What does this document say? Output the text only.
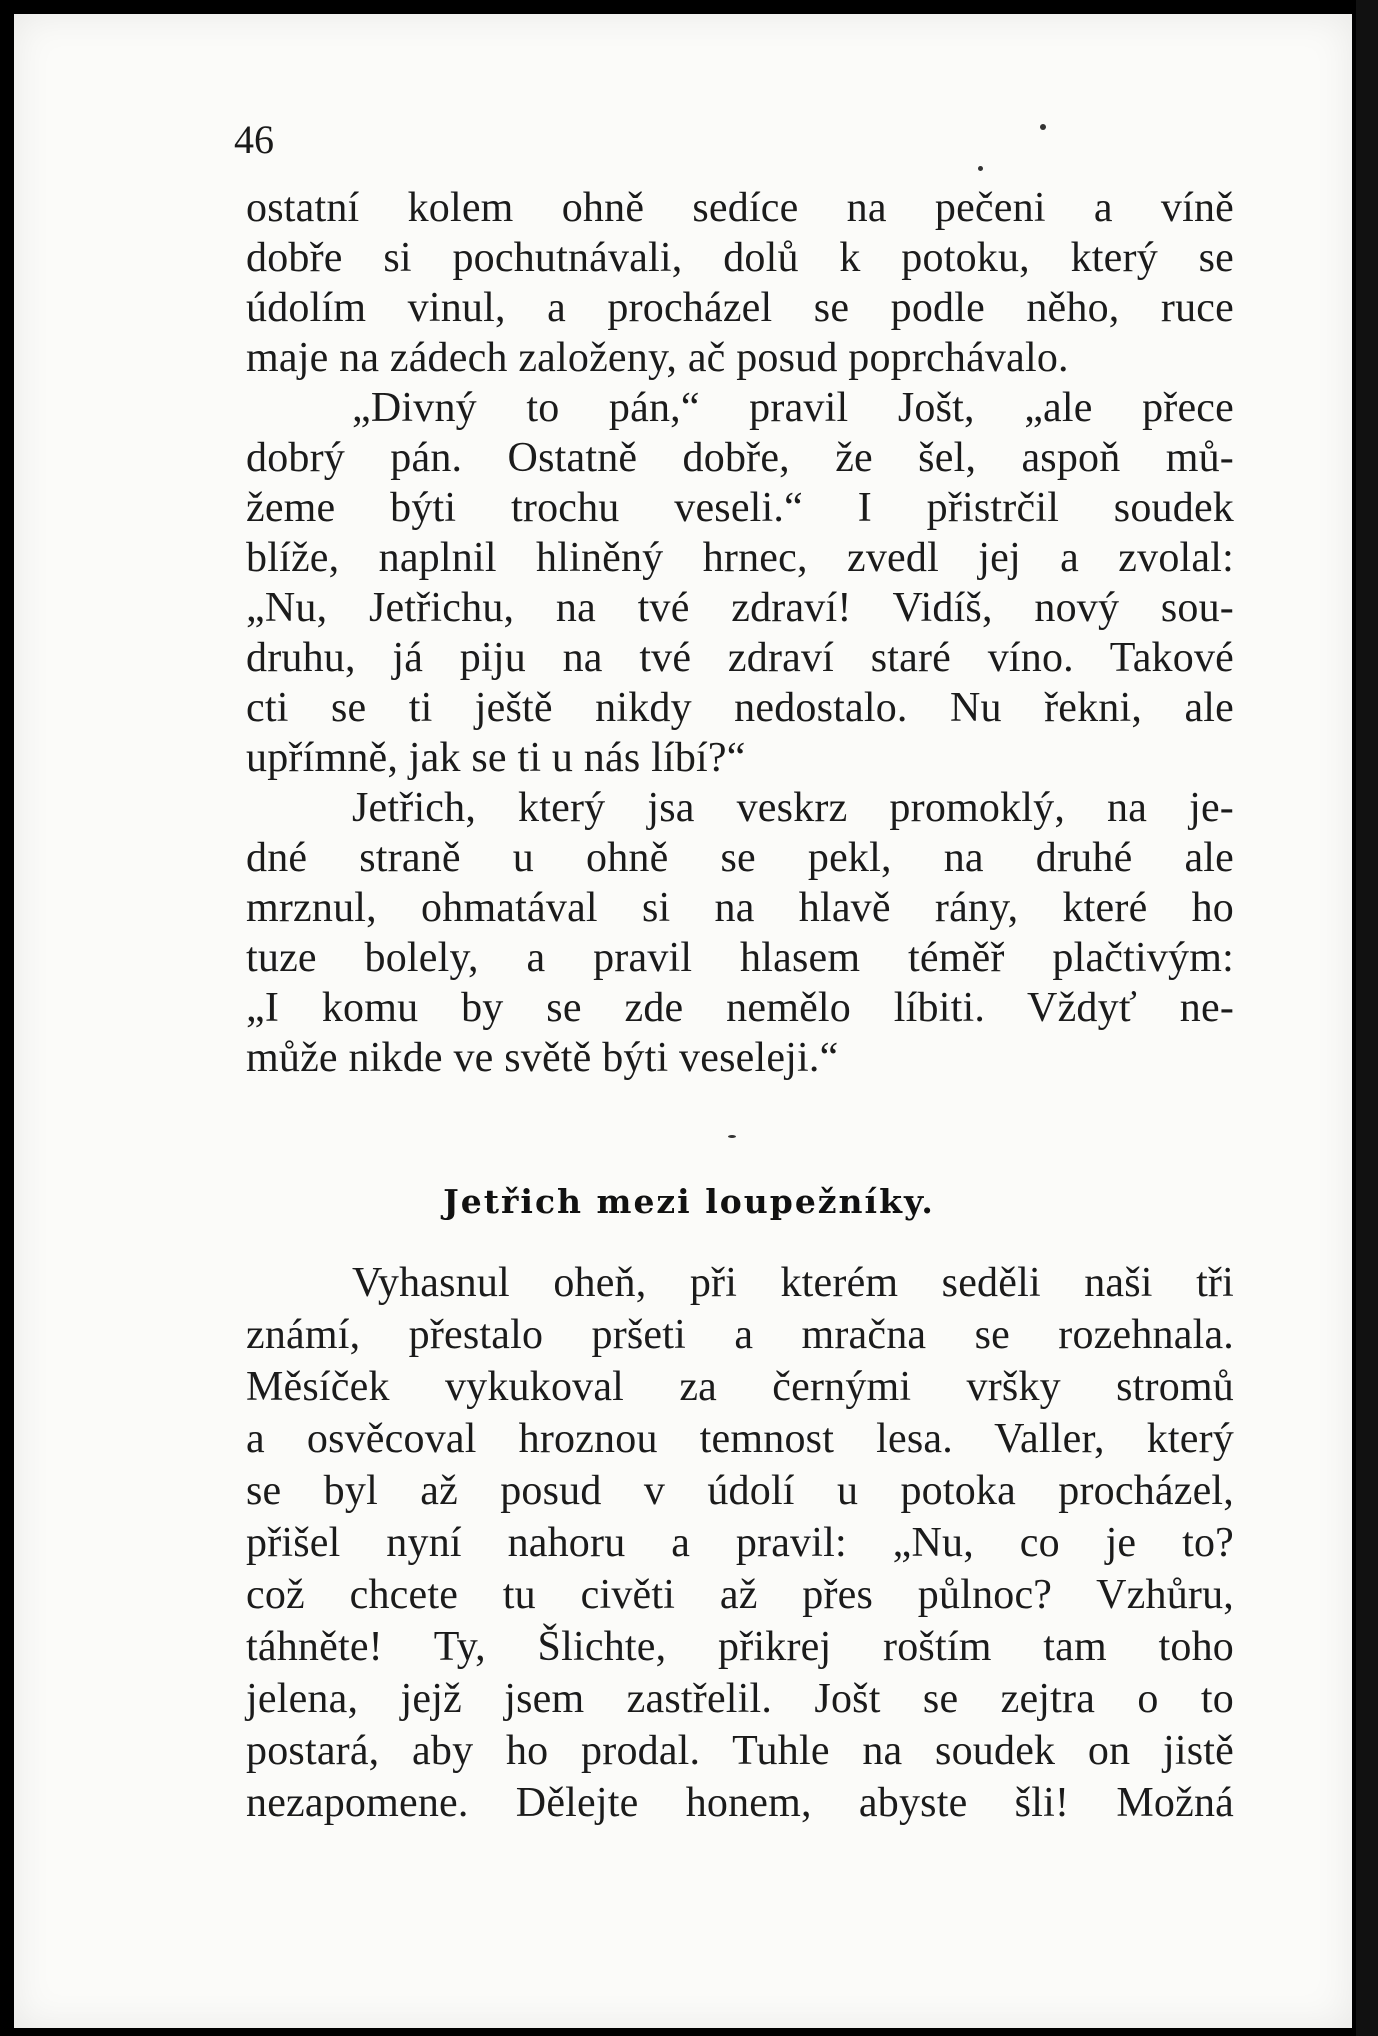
46
ostatní kolem ohně sedíce na pečeni a víně
dobře si pochutnávali, dolů k potoku, který se
údolím vinul, a procházel se podle něho, ruce
maje na zádech založeny, ač posud poprchávalo.
„Divný to pán,“ pravil Jošt, „ale přece
dobrý pán. Ostatně dobře, že šel, aspoň mů-
žeme býti trochu veseli.“ I přistrčil soudek
blíže, naplnil hliněný hrnec, zvedl jej a zvolal:
„Nu, Jetřichu, na tvé zdraví! Vidíš, nový sou-
druhu, já piju na tvé zdraví staré víno. Takové
cti se ti ještě nikdy nedostalo. Nu řekni, ale
upřímně, jak se ti u nás líbí?“
Jetřich, který jsa veskrz promoklý, na je-
dné straně u ohně se pekl, na druhé ale
mrznul, ohmatával si na hlavě rány, které ho
tuze bolely, a pravil hlasem téměř plačtivým:
„I komu by se zde nemělo líbiti. Vždyť ne-
může nikde ve světě býti veseleji.“
Jetřich mezi loupežníky.
Vyhasnul oheň, při kterém seděli naši tři
známí, přestalo pršeti a mračna se rozehnala.
Měsíček vykukoval za černými vršky stromů
a osvěcoval hroznou temnost lesa. Valler, který
se byl až posud v údolí u potoka procházel,
přišel nyní nahoru a pravil: „Nu, co je to?
což chcete tu civěti až přes půlnoc? Vzhůru,
táhněte! Ty, Šlichte, přikrej roštím tam toho
jelena, jejž jsem zastřelil. Jošt se zejtra o to
postará, aby ho prodal. Tuhle na soudek on jistě
nezapomene. Dělejte honem, abyste šli! Možná
